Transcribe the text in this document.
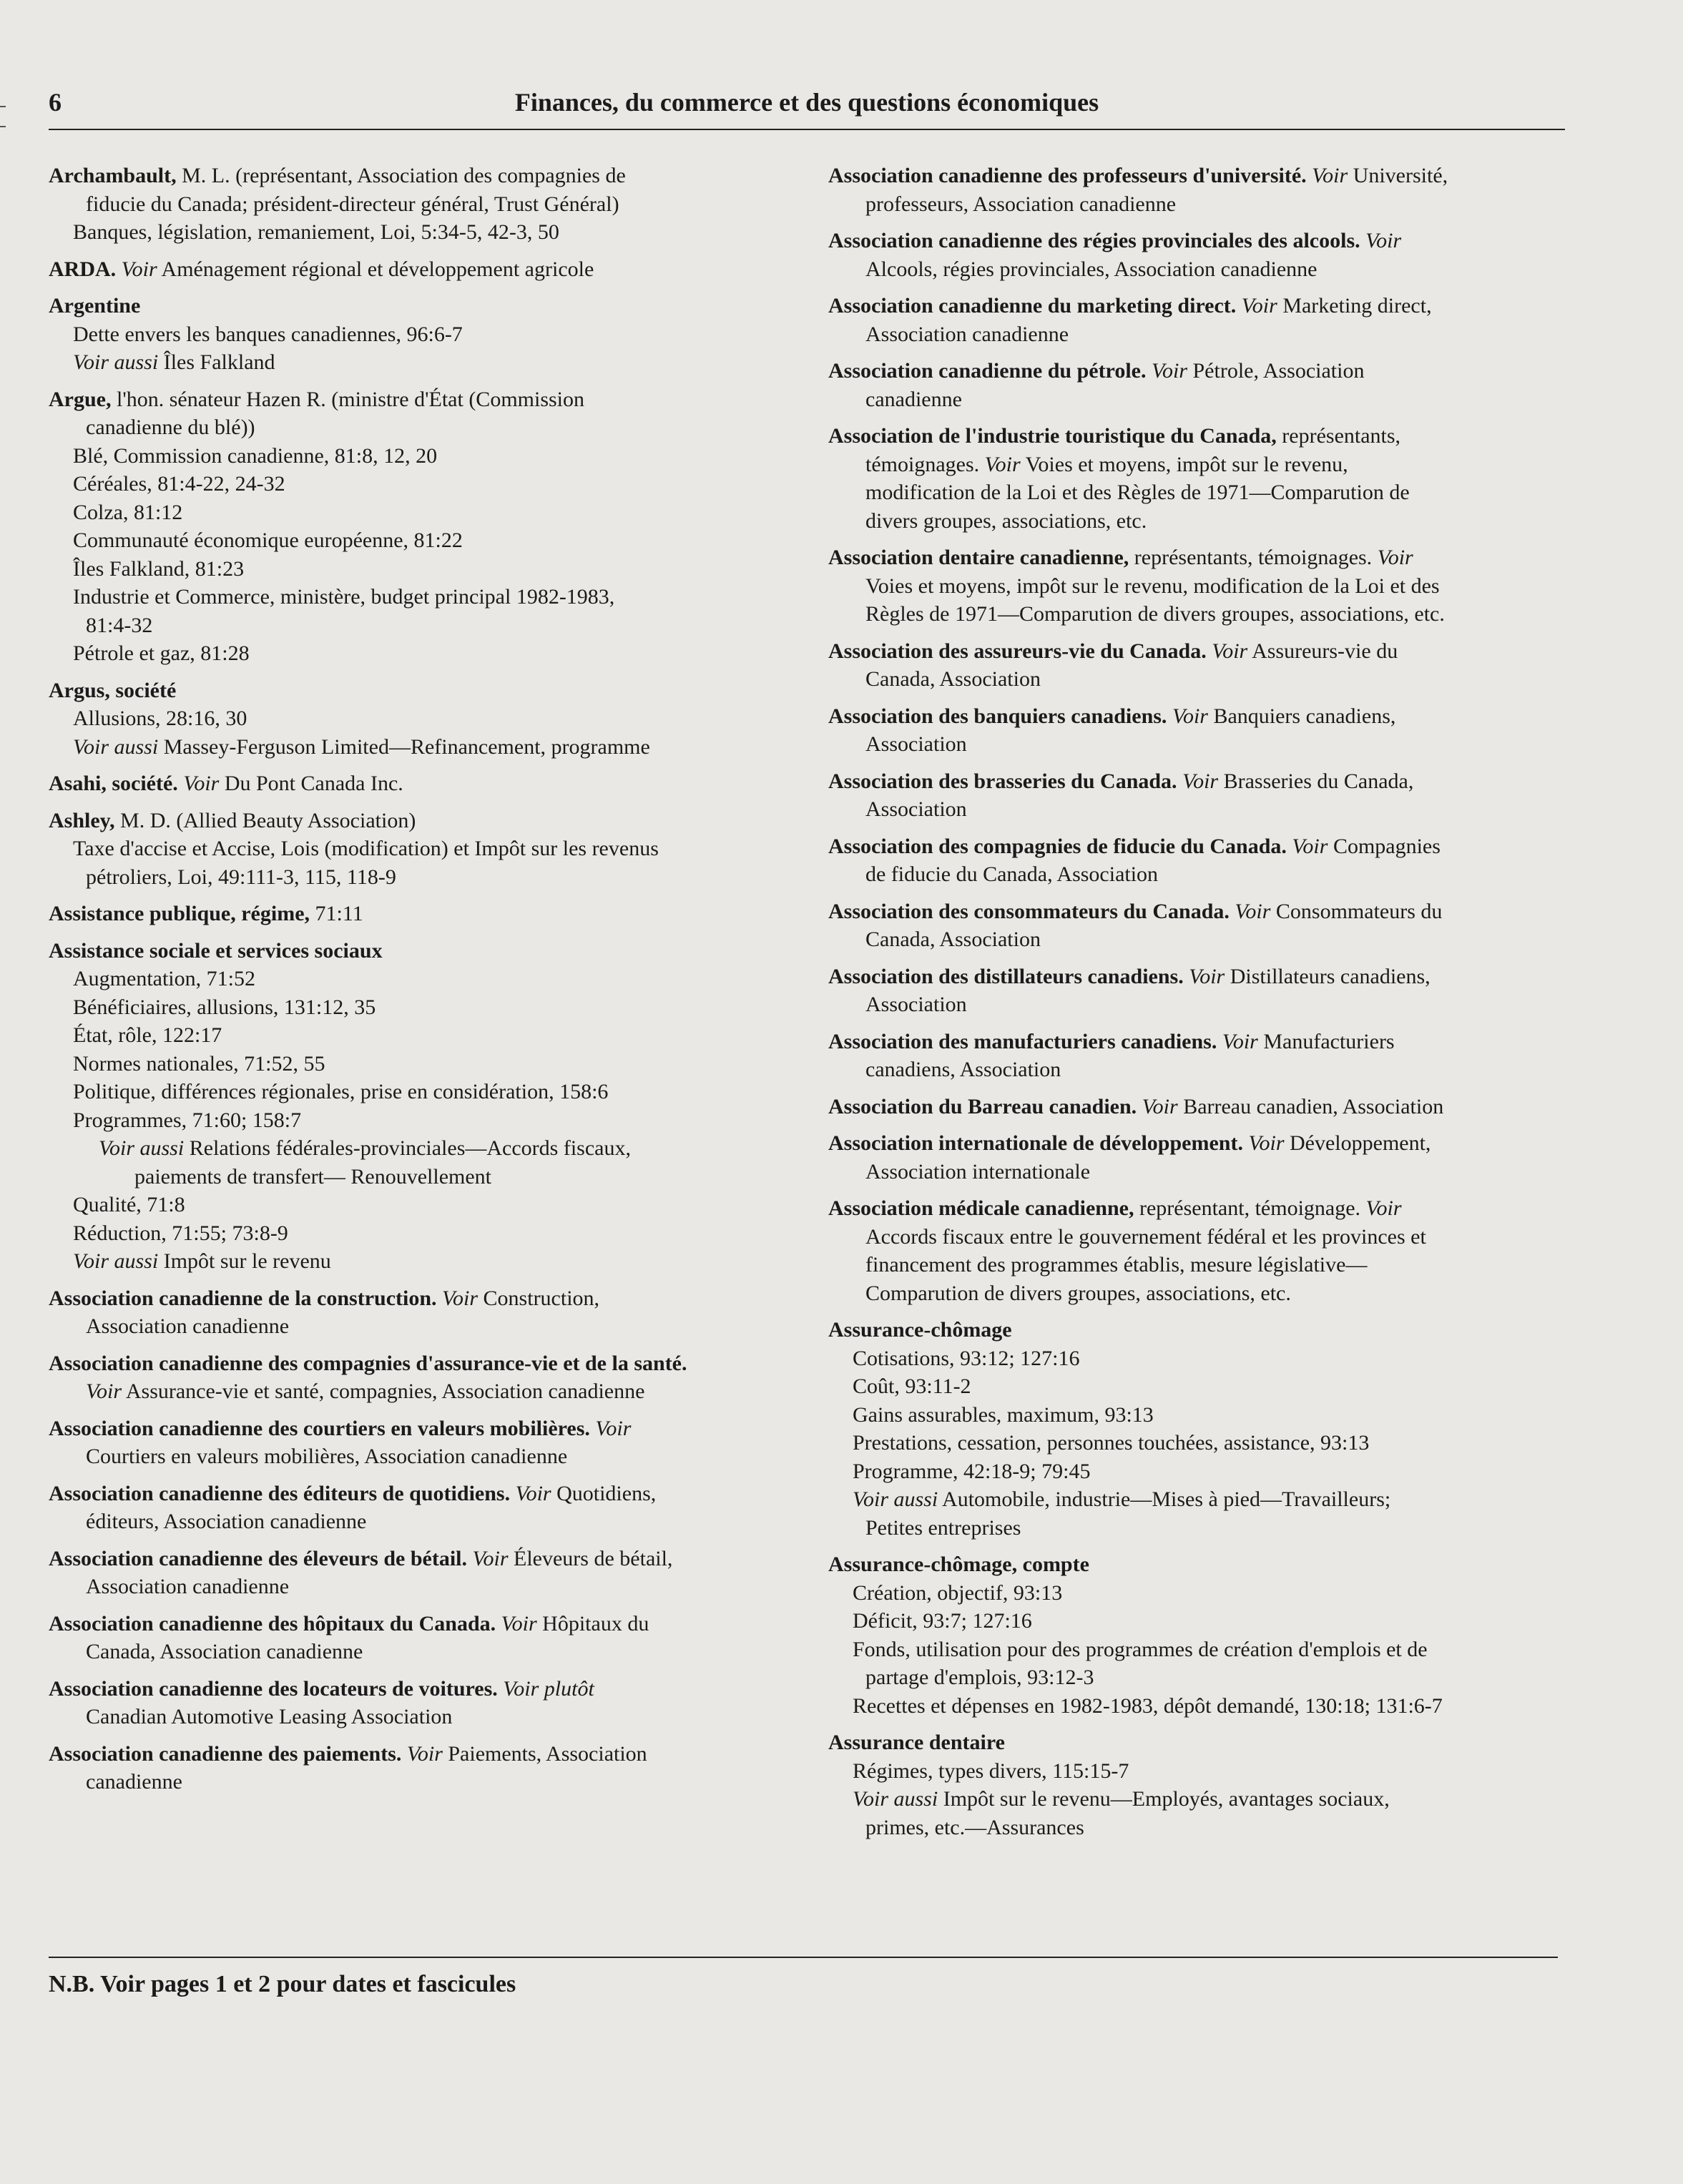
6	Finances, du commerce et des questions économiques
Archambault, M. L. (représentant, Association des compagnies de
fiducie du Canada; président-directeur général, Trust Général)
Banques, législation, remaniement, Loi, 5:34-5, 42-3, 50
ARDA. Voir Aménagement régional et développement agricole
Argentine
Dette envers les banques canadiennes, 96:6-7
Voir aussi Îles Falkland
Argue, l'hon. sénateur Hazen R. (ministre d'État (Commission
canadienne du blé))
Blé, Commission canadienne, 81:8, 12, 20
Céréales, 81:4-22, 24-32
Colza, 81:12
Communauté économique européenne, 81:22
Îles Falkland, 81:23
Industrie et Commerce, ministère, budget principal 1982-1983,
81:4-32
Pétrole et gaz, 81:28
Argus, société
Allusions, 28:16, 30
Voir aussi Massey-Ferguson Limited—Refinancement, programme
Asahi, société. Voir Du Pont Canada Inc.
Ashley, M. D. (Allied Beauty Association)
Taxe d'accise et Accise, Lois (modification) et Impôt sur les revenus
pétroliers, Loi, 49:111-3, 115, 118-9
Assistance publique, régime, 71:11
Assistance sociale et services sociaux
Augmentation, 71:52
Bénéficiaires, allusions, 131:12, 35
État, rôle, 122:17
Normes nationales, 71:52, 55
Politique, différences régionales, prise en considération, 158:6
Programmes, 71:60; 158:7
Voir aussi Relations fédérales-provinciales—Accords fiscaux,
paiements de transfert— Renouvellement
Qualité, 71:8
Réduction, 71:55; 73:8-9
Voir aussi Impôt sur le revenu
Association canadienne de la construction. Voir Construction,
Association canadienne
Association canadienne des compagnies d'assurance-vie et de la santé.
Voir Assurance-vie et santé, compagnies, Association canadienne
Association canadienne des courtiers en valeurs mobilières. Voir
Courtiers en valeurs mobilières, Association canadienne
Association canadienne des éditeurs de quotidiens. Voir Quotidiens,
éditeurs, Association canadienne
Association canadienne des éleveurs de bétail. Voir Éleveurs de bétail,
Association canadienne
Association canadienne des hôpitaux du Canada. Voir Hôpitaux du
Canada, Association canadienne
Association canadienne des locateurs de voitures. Voir plutôt
Canadian Automotive Leasing Association
Association canadienne des paiements. Voir Paiements, Association
canadienne
Association canadienne des professeurs d'université. Voir Université,
professeurs, Association canadienne
Association canadienne des régies provinciales des alcools. Voir
Alcools, régies provinciales, Association canadienne
Association canadienne du marketing direct. Voir Marketing direct,
Association canadienne
Association canadienne du pétrole. Voir Pétrole, Association
canadienne
Association de l'industrie touristique du Canada, représentants,
témoignages. Voir Voies et moyens, impôt sur le revenu,
modification de la Loi et des Règles de 1971—Comparution de
divers groupes, associations, etc.
Association dentaire canadienne, représentants, témoignages. Voir
Voies et moyens, impôt sur le revenu, modification de la Loi et des
Règles de 1971—Comparution de divers groupes, associations, etc.
Association des assureurs-vie du Canada. Voir Assureurs-vie du
Canada, Association
Association des banquiers canadiens. Voir Banquiers canadiens,
Association
Association des brasseries du Canada. Voir Brasseries du Canada,
Association
Association des compagnies de fiducie du Canada. Voir Compagnies
de fiducie du Canada, Association
Association des consommateurs du Canada. Voir Consommateurs du
Canada, Association
Association des distillateurs canadiens. Voir Distillateurs canadiens,
Association
Association des manufacturiers canadiens. Voir Manufacturiers
canadiens, Association
Association du Barreau canadien. Voir Barreau canadien, Association
Association internationale de développement. Voir Développement,
Association internationale
Association médicale canadienne, représentant, témoignage. Voir
Accords fiscaux entre le gouvernement fédéral et les provinces et
financement des programmes établis, mesure législative—
Comparution de divers groupes, associations, etc.
Assurance-chômage
Cotisations, 93:12; 127:16
Coût, 93:11-2
Gains assurables, maximum, 93:13
Prestations, cessation, personnes touchées, assistance, 93:13
Programme, 42:18-9; 79:45
Voir aussi Automobile, industrie—Mises à pied—Travailleurs;
Petites entreprises
Assurance-chômage, compte
Création, objectif, 93:13
Déficit, 93:7; 127:16
Fonds, utilisation pour des programmes de création d'emplois et de
partage d'emplois, 93:12-3
Recettes et dépenses en 1982-1983, dépôt demandé, 130:18; 131:6-7
Assurance dentaire
Régimes, types divers, 115:15-7
Voir aussi Impôt sur le revenu—Employés, avantages sociaux,
primes, etc.—Assurances
N.B. Voir pages 1 et 2 pour dates et fascicules
